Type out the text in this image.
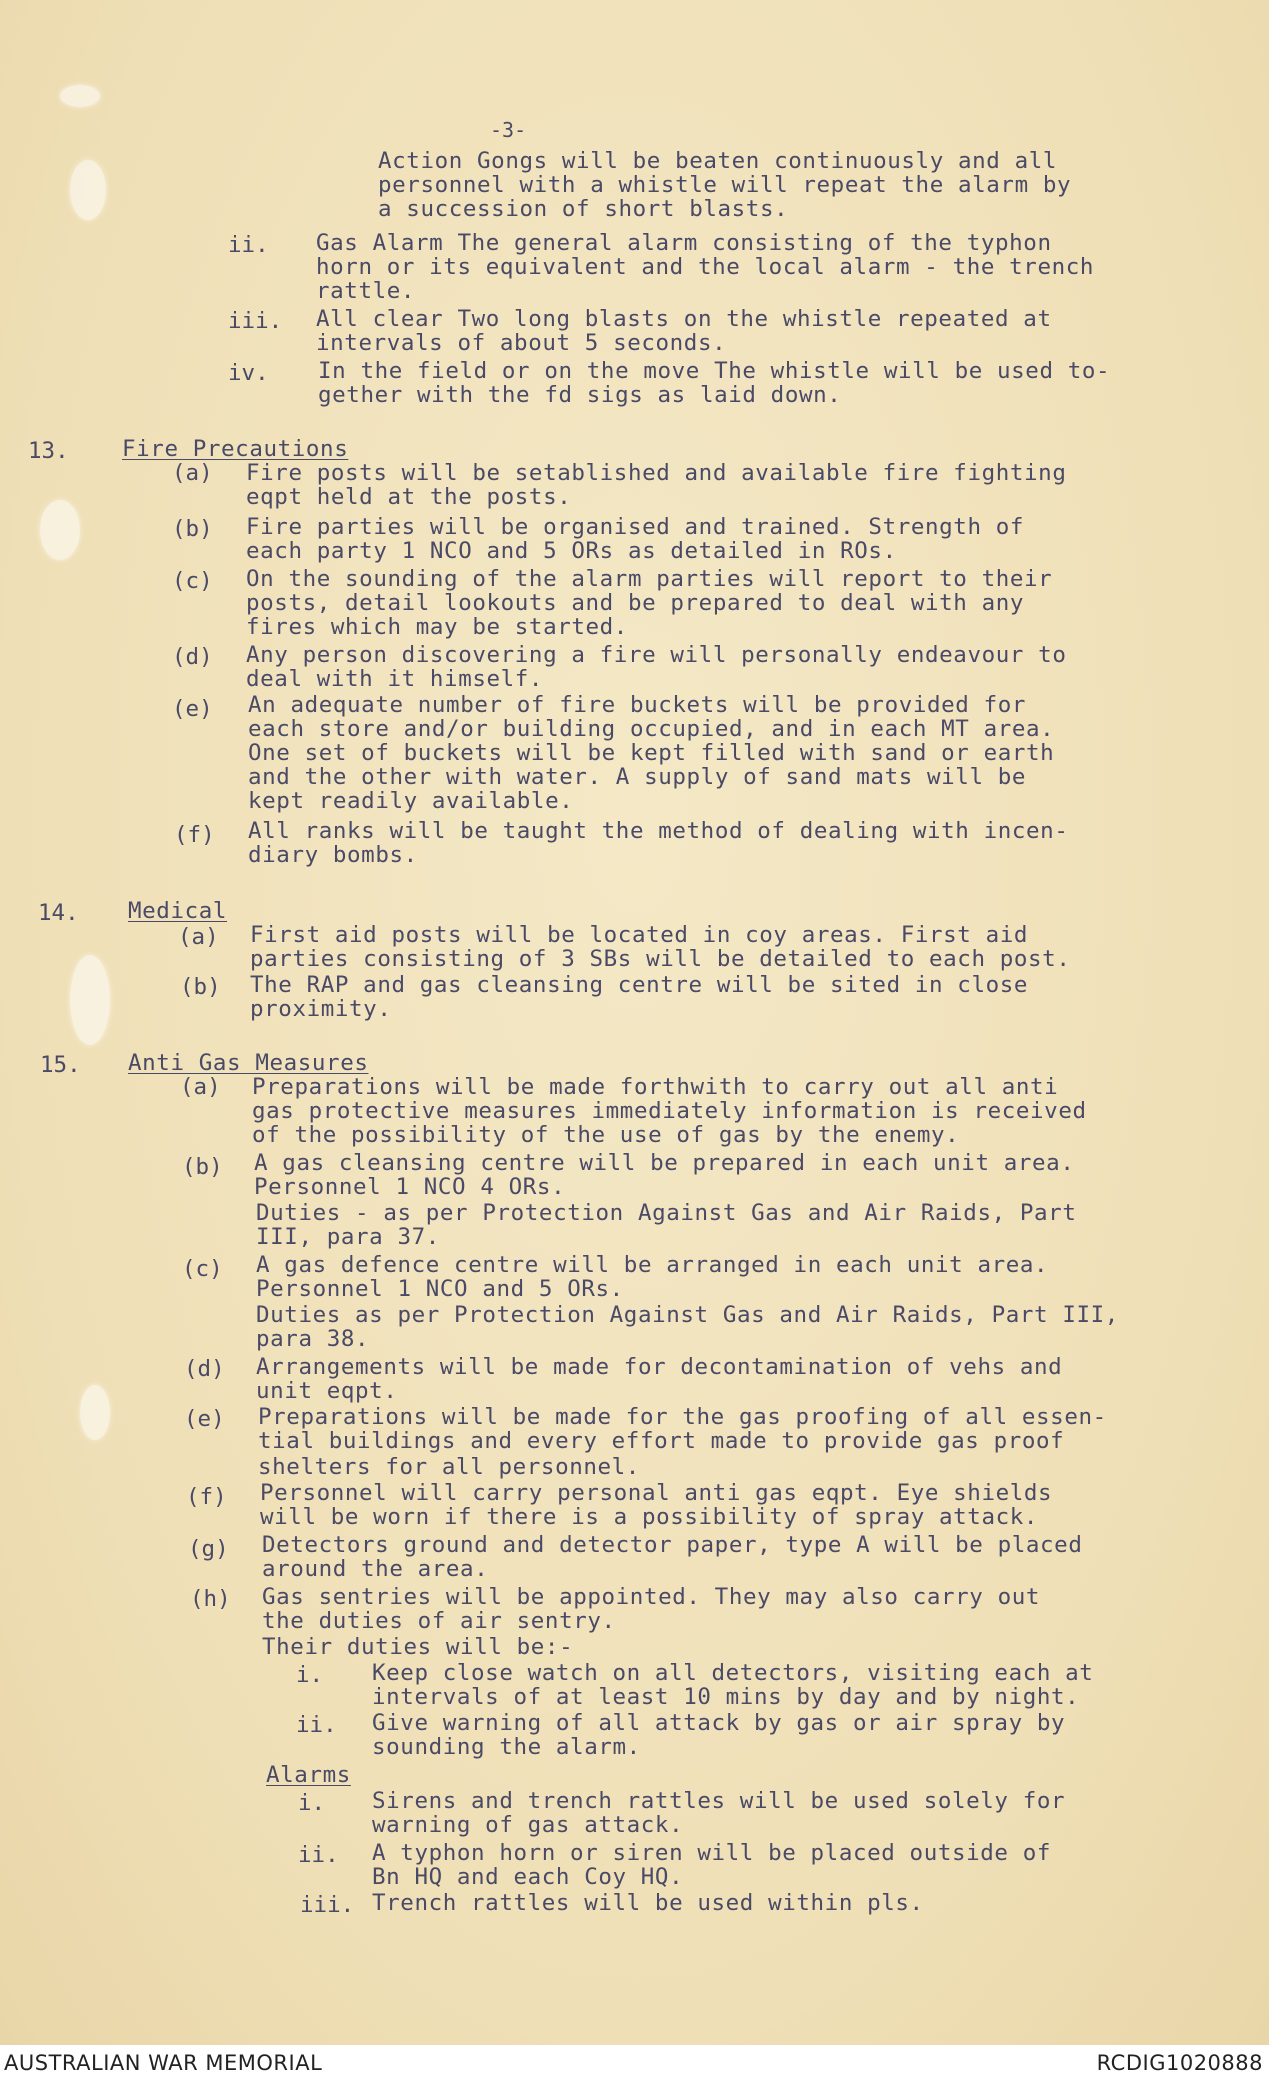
-3-
Action Gongs will be beaten continuously and all
personnel with a whistle will repeat the alarm by
a succession of short blasts.
ii. Gas Alarm The general alarm consisting of the typhon
horn or its equivalent and the local alarm - the trench
rattle.
iii. All clear Two long blasts on the whistle repeated at
intervals of about 5 seconds.
iv. In the field or on the move The whistle will be used to-
gether with the fd sigs as laid down.
13. Fire Precautions
(a) Fire posts will be setablished and available fire fighting
eqpt held at the posts.
(b) Fire parties will be organised and trained. Strength of
each party 1 NCO and 5 ORs as detailed in ROs.
(c) On the sounding of the alarm parties will report to their
posts, detail lookouts and be prepared to deal with any
fires which may be started.
(d) Any person discovering a fire will personally endeavour to
deal with it himself.
(e) An adequate number of fire buckets will be provided for
each store and/or building occupied, and in each MT area.
One set of buckets will be kept filled with sand or earth
and the other with water. A supply of sand mats will be
kept readily available.
(f) All ranks will be taught the method of dealing with incen-
diary bombs.
14. Medical
(a) First aid posts will be located in coy areas. First aid
parties consisting of 3 SBs will be detailed to each post.
(b) The RAP and gas cleansing centre will be sited in close
proximity.
15. Anti Gas Measures
(a) Preparations will be made forthwith to carry out all anti
gas protective measures immediately information is received
of the possibility of the use of gas by the enemy.
(b) A gas cleansing centre will be prepared in each unit area.
Personnel 1 NCO 4 ORs.
Duties - as per Protection Against Gas and Air Raids, Part
III, para 37.
(c) A gas defence centre will be arranged in each unit area.
Personnel 1 NCO and 5 ORs.
Duties as per Protection Against Gas and Air Raids, Part III,
para 38.
(d) Arrangements will be made for decontamination of vehs and
unit eqpt.
(e) Preparations will be made for the gas proofing of all essen-
tial buildings and every effort made to provide gas proof
shelters for all personnel.
(f) Personnel will carry personal anti gas eqpt. Eye shields
will be worn if there is a possibility of spray attack.
(g) Detectors ground and detector paper, type A will be placed
around the area.
(h) Gas sentries will be appointed. They may also carry out
the duties of air sentry.
Their duties will be:-
i. Keep close watch on all detectors, visiting each at
intervals of at least 10 mins by day and by night.
ii. Give warning of all attack by gas or air spray by
sounding the alarm.
Alarms
i. Sirens and trench rattles will be used solely for
warning of gas attack.
ii. A typhon horn or siren will be placed outside of
Bn HQ and each Coy HQ.
iii. Trench rattles will be used within pls.
AUSTRALIAN WAR MEMORIAL	RCDIG1020888
